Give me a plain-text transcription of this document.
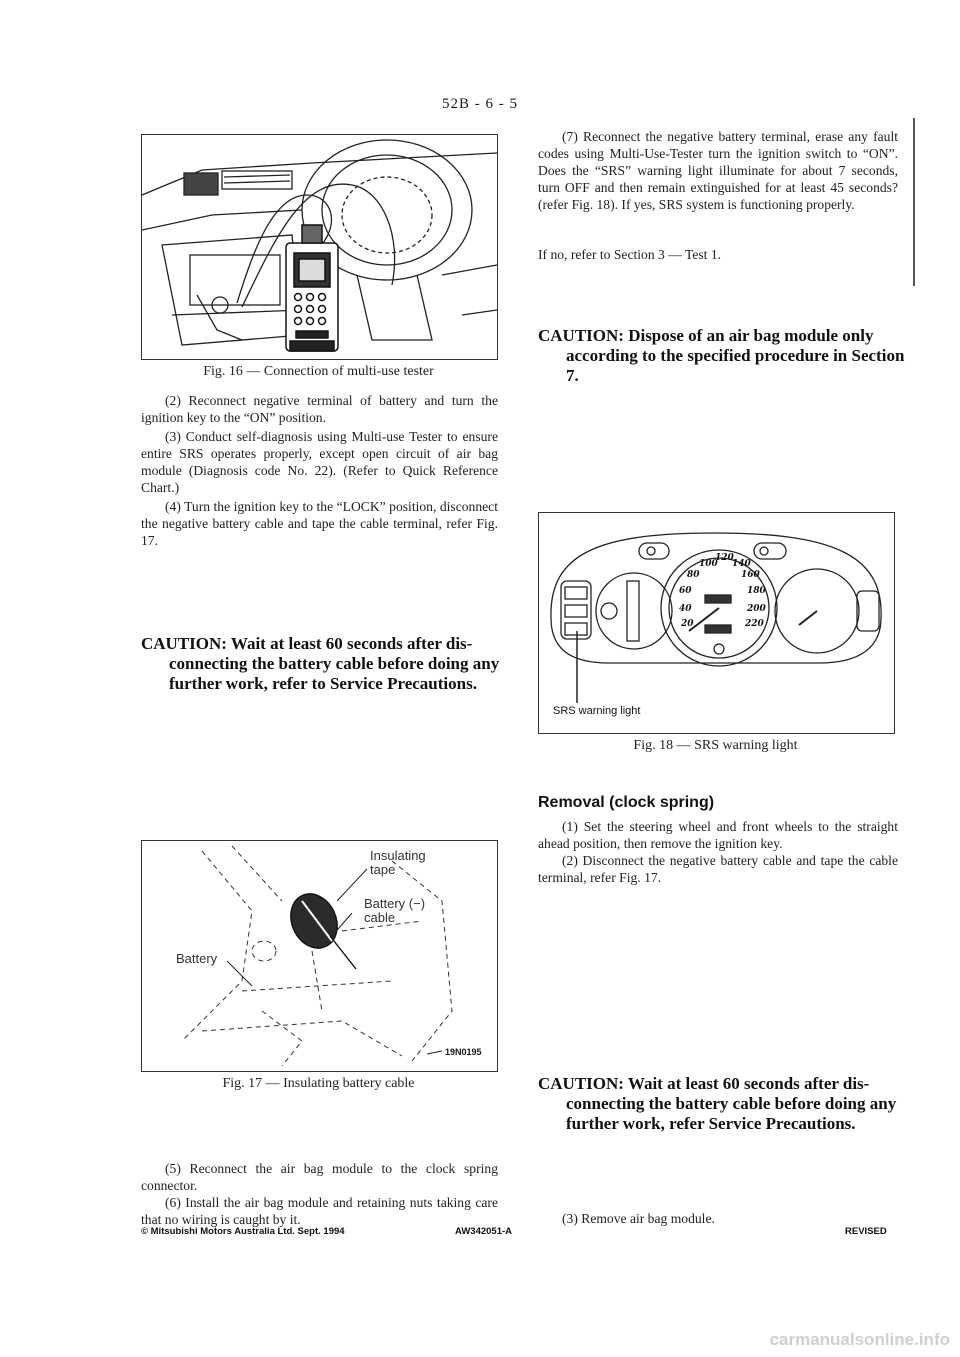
52B - 6 - 5
Fig. 16 — Connection of multi-use tester
(2) Reconnect negative terminal of battery and turn the ignition key to the “ON” position.
(3) Conduct self-diagnosis using Multi-use Tester to ensure entire SRS operates properly, except open circuit of air bag module (Diagnosis code No. 22). (Refer to Quick Reference Chart.)
(4) Turn the ignition key to the “LOCK” position, disconnect the negative battery cable and tape the cable terminal, refer Fig. 17.
CAUTION: Wait at least 60 seconds after dis-
connecting the battery cable before doing any further work, refer to Service Precautions.
Insulating tape
Battery (−) cable
Battery
19N0195
Fig. 17 — Insulating battery cable
(5) Reconnect the air bag module to the clock spring connector.
(6) Install the air bag module and retaining nuts taking care that no wiring is caught by it.
(7) Reconnect the negative battery terminal, erase any fault codes using Multi-Use-Tester turn the ignition switch to “ON”. Does the “SRS” warning light illuminate for about 7 seconds, turn OFF and then remain extinguished for at least 45 seconds? (refer Fig. 18). If yes, SRS system is functioning properly.
If no, refer to Section 3 — Test 1.
CAUTION: Dispose of an air bag module only
according to the specified procedure in Section 7.
100
120
140
80	160
60	180
40	200
20	220
SRS warning light
Fig. 18 — SRS warning light
Removal (clock spring)
(1) Set the steering wheel and front wheels to the straight ahead position, then remove the ignition key.
(2) Disconnect the negative battery cable and tape the cable terminal, refer Fig. 17.
CAUTION: Wait at least 60 seconds after dis-
connecting the battery cable before doing any further work, refer Service Precautions.
(3) Remove air bag module.
© Mitsubishi Motors Australia Ltd. Sept. 1994	AW342051-A	REVISED
carmanualsonline.info
